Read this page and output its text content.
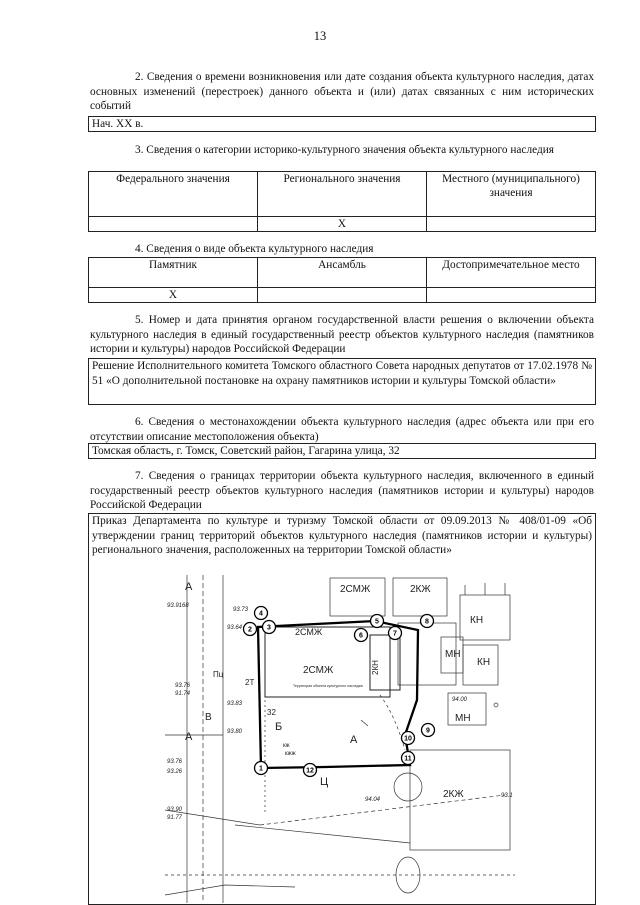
13

2. Сведения о времени возникновения или дате создания объекта культурного наследия, датах основных изменений (перестроек) данного объекта и (или) датах связанных с ним исторических событий

Нач. XX в.

3. Сведения о категории историко-культурного значения объекта культурного наследия

Федерального значения	Регионального значения	Местного (муниципального) значения
	X	

4. Сведения о виде объекта культурного наследия

Памятник	Ансамбль	Достопримечательное место
X		

5. Номер и дата принятия органом государственной власти решения о включении объекта культурного наследия в единый государственный реестр объектов культурного наследия (памятников истории и культуры) народов Российской Федерации

Решение Исполнительного комитета Томского областного Совета народных депутатов от 17.02.1978 № 51 «О дополнительной постановке на охрану памятников истории и культуры Томской области»

6. Сведения о местонахождении объекта культурного наследия (адрес объекта или при его отсутствии описание местоположения объекта)

Томская область, г. Томск, Советский район, Гагарина улица, 32

7. Сведения о границах территории объекта культурного наследия, включенного в единый государственный реестр объектов культурного наследия (памятников истории и культуры) народов Российской Федерации

Приказ Департамента по культуре и туризму Томской области от 09.09.2013 № 408/01-09 «Об утверждении границ территорий объектов культурного наследия (памятников истории и культуры) регионального значения, расположенных на территории Томской области»
2СМЖ	2КЖ
КН
КН
МН
МН
2СМЖ
2СМЖ	2КН
Территория объекта культурного наследия
А
А	А
Б
В
Ц
2КЖ
32
2Т
Пц
кж
кжж
93.9168
93.73
93.64
93.76
91.74
93.83
93.80
93.76
93.26
93.90
91.77
94.00
94.04
93.1
1
2 3
4
5
6	7
8
9
10
11
12
